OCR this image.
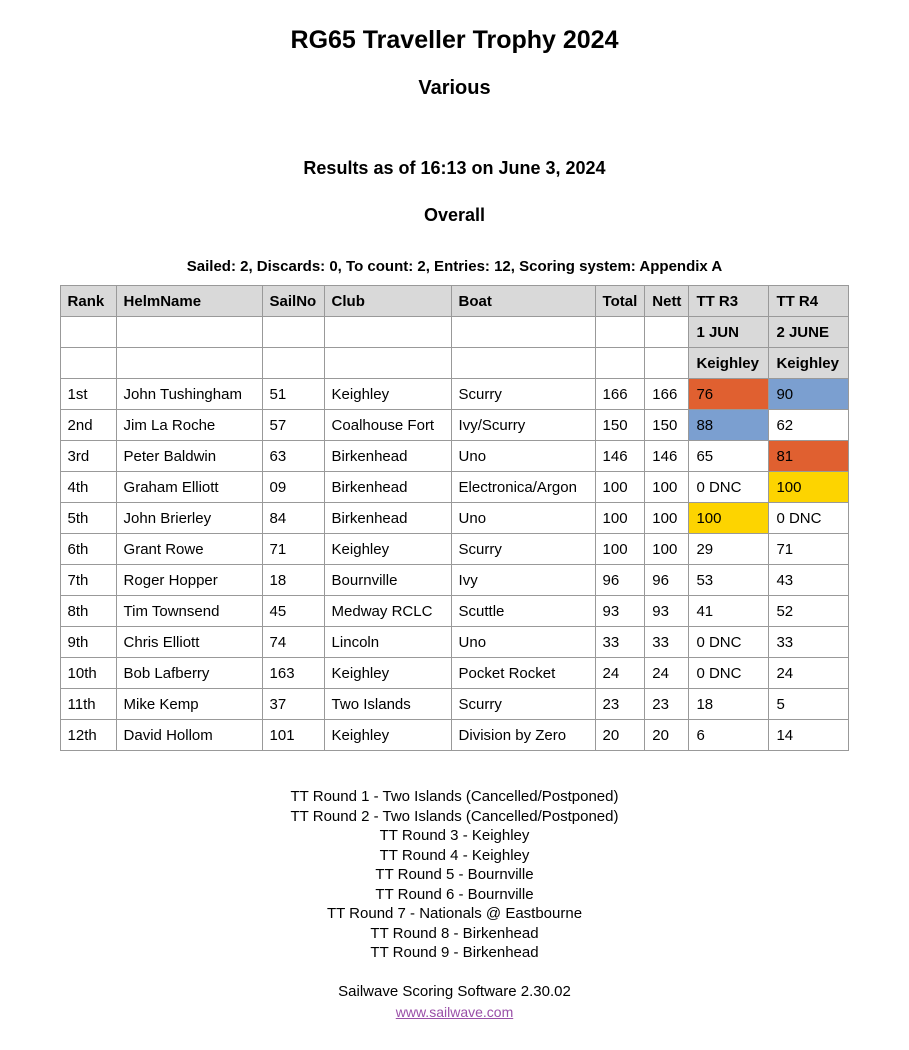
RG65 Traveller Trophy 2024
Various
Results as of 16:13 on June 3, 2024
Overall
Sailed: 2, Discards: 0, To count: 2, Entries: 12, Scoring system: Appendix A
Rank	HelmName	SailNo	Club	Boat	Total	Nett	TT R3	TT R4
							1 JUN	2 JUNE
							Keighley	Keighley
1st	John Tushingham	51	Keighley	Scurry	166	166	76	90
2nd	Jim La Roche	57	Coalhouse Fort	Ivy/Scurry	150	150	88	62
3rd	Peter Baldwin	63	Birkenhead	Uno	146	146	65	81
4th	Graham Elliott	09	Birkenhead	Electronica/Argon	100	100	0 DNC	100
5th	John Brierley	84	Birkenhead	Uno	100	100	100	0 DNC
6th	Grant Rowe	71	Keighley	Scurry	100	100	29	71
7th	Roger Hopper	18	Bournville	Ivy	96	96	53	43
8th	Tim Townsend	45	Medway RCLC	Scuttle	93	93	41	52
9th	Chris Elliott	74	Lincoln	Uno	33	33	0 DNC	33
10th	Bob Lafberry	163	Keighley	Pocket Rocket	24	24	0 DNC	24
11th	Mike Kemp	37	Two Islands	Scurry	23	23	18	5
12th	David Hollom	101	Keighley	Division by Zero	20	20	6	14
TT Round 1 - Two Islands (Cancelled/Postponed)
TT Round 2 - Two Islands (Cancelled/Postponed)
TT Round 3 - Keighley
TT Round 4 - Keighley
TT Round 5 - Bournville
TT Round 6 - Bournville
TT Round 7 - Nationals @ Eastbourne
TT Round 8 - Birkenhead
TT Round 9 - Birkenhead
Sailwave Scoring Software 2.30.02
www.sailwave.com
